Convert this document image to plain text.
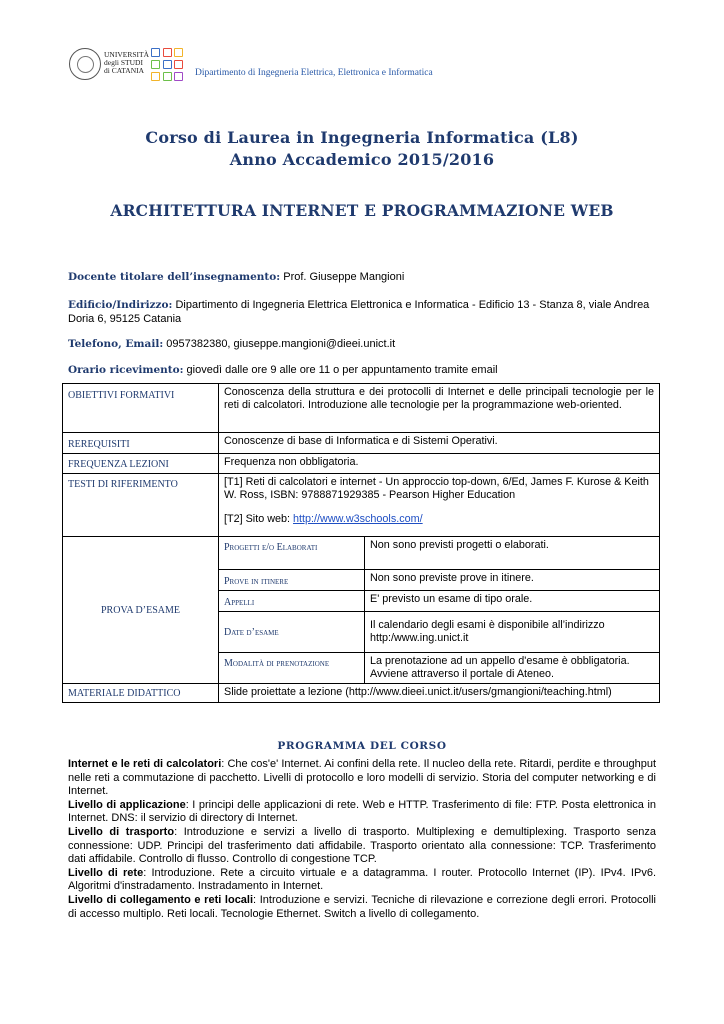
UNIVERSITÀ
degli STUDI
di CATANIA	Dipartimento di Ingegneria Elettrica, Elettronica e Informatica
Corso di Laurea in Ingegneria Informatica (L8)
Anno Accademico 2015/2016
ARCHITETTURA INTERNET E PROGRAMMAZIONE WEB
Docente titolare dell’insegnamento: Prof. Giuseppe Mangioni
Edificio/Indirizzo: Dipartimento di Ingegneria Elettrica Elettronica e Informatica - Edificio 13 - Stanza 8, viale Andrea Doria 6, 95125 Catania
Telefono, Email: 0957382380, giuseppe.mangioni@dieei.unict.it
Orario ricevimento: giovedì dalle ore 9 alle ore 11 o per appuntamento tramite email
OBIETTIVI FORMATIVI	Conoscenza della struttura e dei protocolli di Internet e delle principali tecnologie per le reti di calcolatori. Introduzione alle tecnologie per la programmazione web-oriented.	
REREQUISITI	Conoscenze di base di Informatica e di Sistemi Operativi.	
FREQUENZA LEZIONI	Frequenza non obbligatoria.	
TESTI DI RIFERIMENTO	[T1] Reti di calcolatori e internet - Un approccio top-down, 6/Ed, James F. Kurose & Keith W. Ross, ISBN: 9788871929385 - Pearson Higher Education
[T2] Sito web: http://www.w3schools.com/	

PROVA D’ESAME	Progetti e/o Elaborati	Non sono previsti progetti o elaborati.
	Prove in itinere	Non sono previste prove in itinere.
	Appelli	E' previsto un esame di tipo orale.
	Date d’esame	Il calendario degli esami è disponibile all’indirizzo http:/www.ing.unict.it
	Modalità di prenotazione	La prenotazione ad un appello d'esame è obbligatoria. Avviene attraverso il portale di Ateneo.
MATERIALE DIDATTICO	Slide proiettate a lezione (http://www.dieei.unict.it/users/gmangioni/teaching.html)	
PROGRAMMA DEL CORSO

Internet e le reti di calcolatori: Che cos'e' Internet. Ai confini della rete. Il nucleo della rete. Ritardi, perdite e throughput nelle reti a commutazione di pacchetto. Livelli di protocollo e loro modelli di servizio. Storia del computer networking e di Internet.

Livello di applicazione: I principi delle applicazioni di rete. Web e HTTP. Trasferimento di file: FTP. Posta elettronica in Internet. DNS: il servizio di directory di Internet.

Livello di trasporto: Introduzione e servizi a livello di trasporto. Multiplexing e demultiplexing. Trasporto senza connessione: UDP. Principi del trasferimento dati affidabile. Trasporto orientato alla connessione: TCP. Trasferimento dati affidabile. Controllo di flusso. Controllo di congestione TCP.

Livello di rete: Introduzione. Rete a circuito virtuale e a datagramma. I router. Protocollo Internet (IP). IPv4. IPv6. Algoritmi d'instradamento. Instradamento in Internet.

Livello di collegamento e reti locali: Introduzione e servizi. Tecniche di rilevazione e correzione degli errori. Protocolli di accesso multiplo. Reti locali. Tecnologie Ethernet. Switch a livello di collegamento.
